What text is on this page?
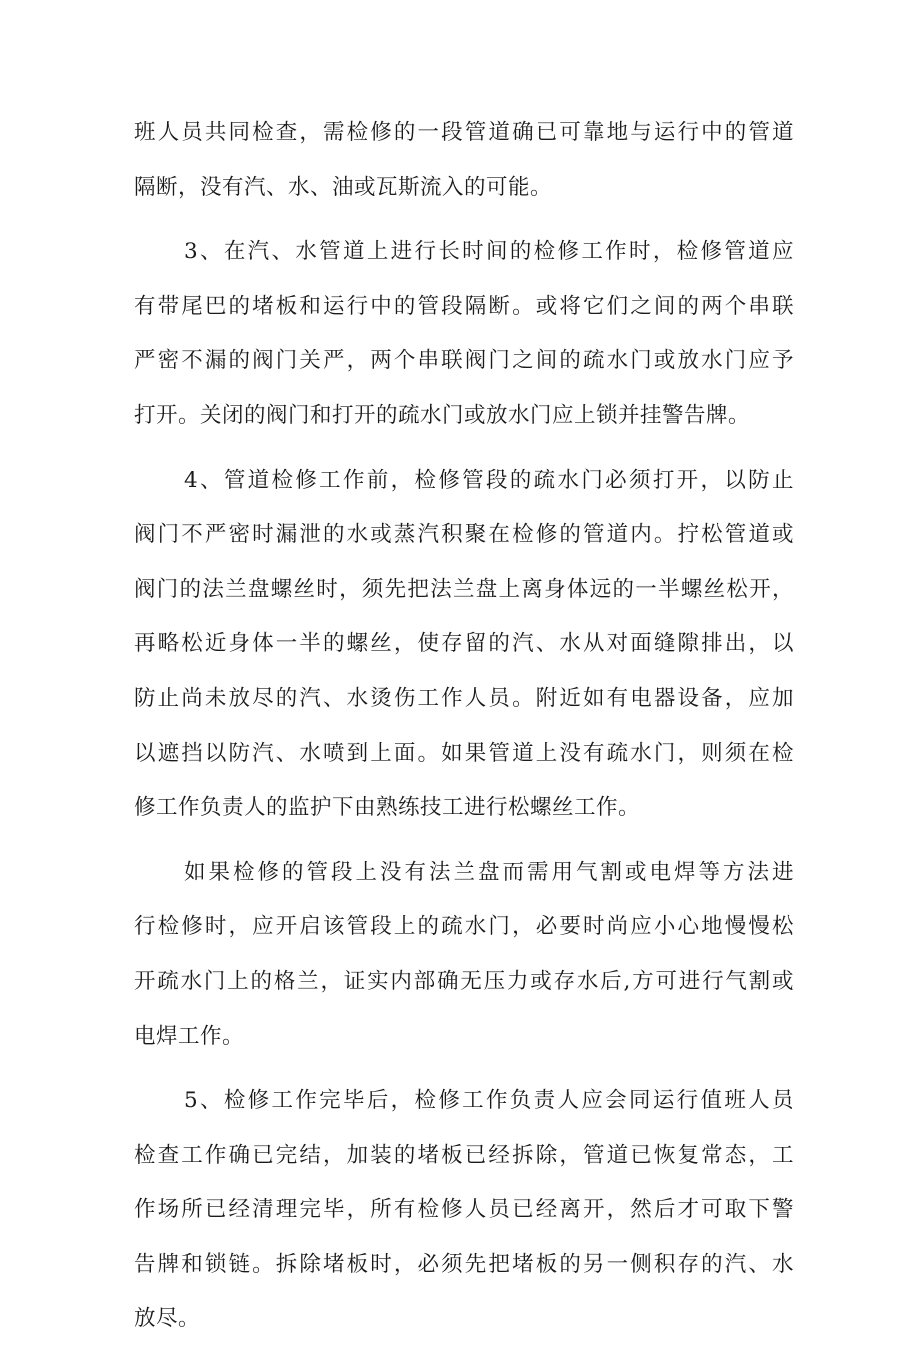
班人员共同检查，需检修的一段管道确已可靠地与运行中的管道
隔断，没有汽、水、油或瓦斯流入的可能。
3、在汽、水管道上进行长时间的检修工作时，检修管道应
有带尾巴的堵板和运行中的管段隔断。或将它们之间的两个串联
严密不漏的阀门关严，两个串联阀门之间的疏水门或放水门应予
打开。关闭的阀门和打开的疏水门或放水门应上锁并挂警告牌。
4、管道检修工作前，检修管段的疏水门必须打开，以防止
阀门不严密时漏泄的水或蒸汽积聚在检修的管道内。拧松管道或
阀门的法兰盘螺丝时，须先把法兰盘上离身体远的一半螺丝松开，
再略松近身体一半的螺丝，使存留的汽、水从对面缝隙排出，以
防止尚未放尽的汽、水烫伤工作人员。附近如有电器设备，应加
以遮挡以防汽、水喷到上面。如果管道上没有疏水门，则须在检
修工作负责人的监护下由熟练技工进行松螺丝工作。
如果检修的管段上没有法兰盘而需用气割或电焊等方法进
行检修时，应开启该管段上的疏水门，必要时尚应小心地慢慢松
开疏水门上的格兰，证实内部确无压力或存水后,方可进行气割或
电焊工作。
5、检修工作完毕后，检修工作负责人应会同运行值班人员
检查工作确已完结，加装的堵板已经拆除，管道已恢复常态，工
作场所已经清理完毕，所有检修人员已经离开，然后才可取下警
告牌和锁链。拆除堵板时，必须先把堵板的另一侧积存的汽、水
放尽。
